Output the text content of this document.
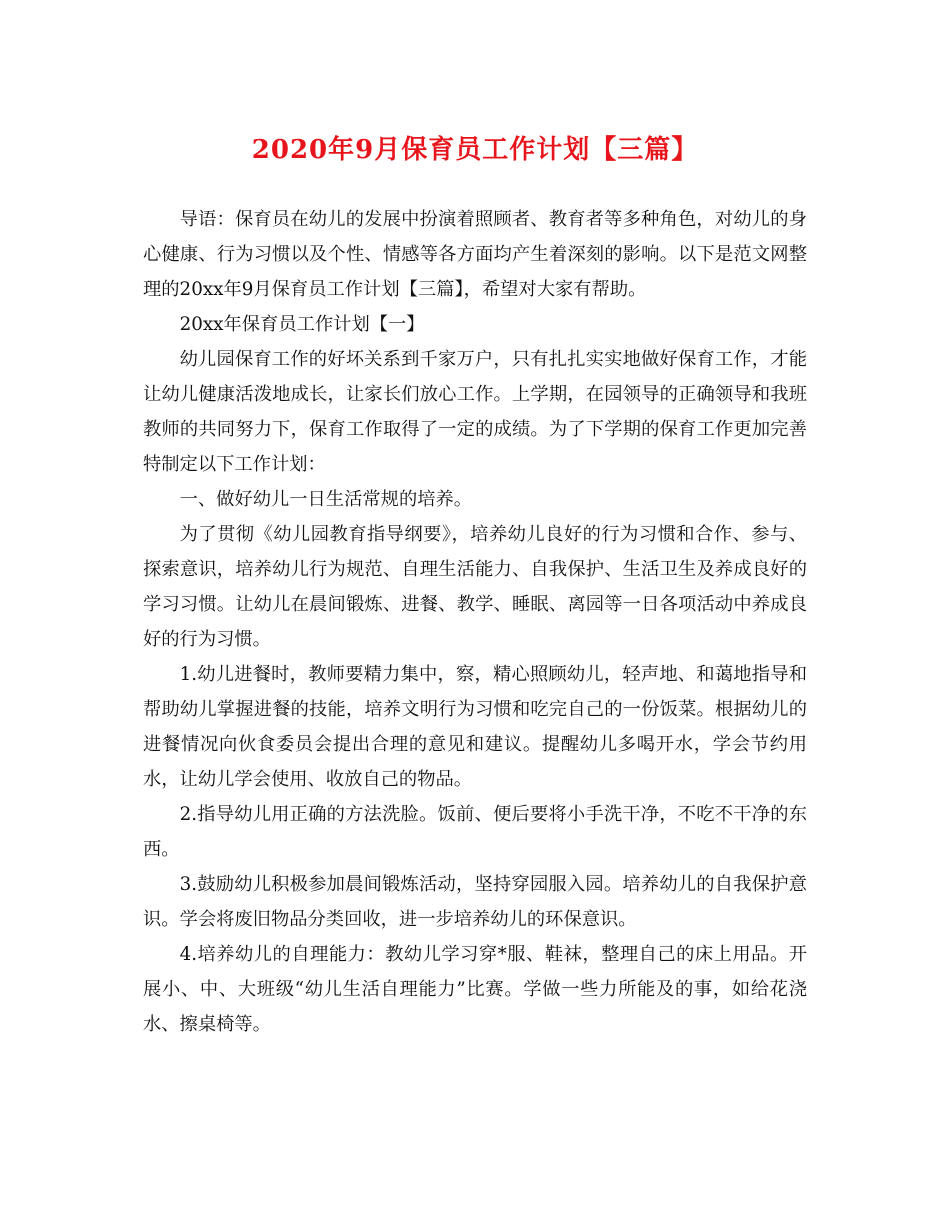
2020年9月保育员工作计划【三篇】

导语：保育员在幼儿的发展中扮演着照顾者、教育者等多种角色，对幼儿的身心健康、行为习惯以及个性、情感等各方面均产生着深刻的影响。以下是范文网整理的20xx年9月保育员工作计划【三篇】，希望对大家有帮助。

20xx年保育员工作计划【一】

幼儿园保育工作的好坏关系到千家万户，只有扎扎实实地做好保育工作，才能让幼儿健康活泼地成长，让家长们放心工作。上学期，在园领导的正确领导和我班教师的共同努力下，保育工作取得了一定的成绩。为了下学期的保育工作更加完善特制定以下工作计划：

一、做好幼儿一日生活常规的培养。

为了贯彻《幼儿园教育指导纲要》，培养幼儿良好的行为习惯和合作、参与、探索意识，培养幼儿行为规范、自理生活能力、自我保护、生活卫生及养成良好的学习习惯。让幼儿在晨间锻炼、进餐、教学、睡眠、离园等一日各项活动中养成良好的行为习惯。

1.幼儿进餐时，教师要精力集中，察，精心照顾幼儿，轻声地、和蔼地指导和帮助幼儿掌握进餐的技能，培养文明行为习惯和吃完自己的一份饭菜。根据幼儿的进餐情况向伙食委员会提出合理的意见和建议。提醒幼儿多喝开水，学会节约用水，让幼儿学会使用、收放自己的物品。

2.指导幼儿用正确的方法洗脸。饭前、便后要将小手洗干净，不吃不干净的东西。

3.鼓励幼儿积极参加晨间锻炼活动，坚持穿园服入园。培养幼儿的自我保护意识。学会将废旧物品分类回收，进一步培养幼儿的环保意识。

4.培养幼儿的自理能力：教幼儿学习穿*服、鞋袜，整理自己的床上用品。开展小、中、大班级“幼儿生活自理能力”比赛。学做一些力所能及的事，如给花浇水、擦桌椅等。
